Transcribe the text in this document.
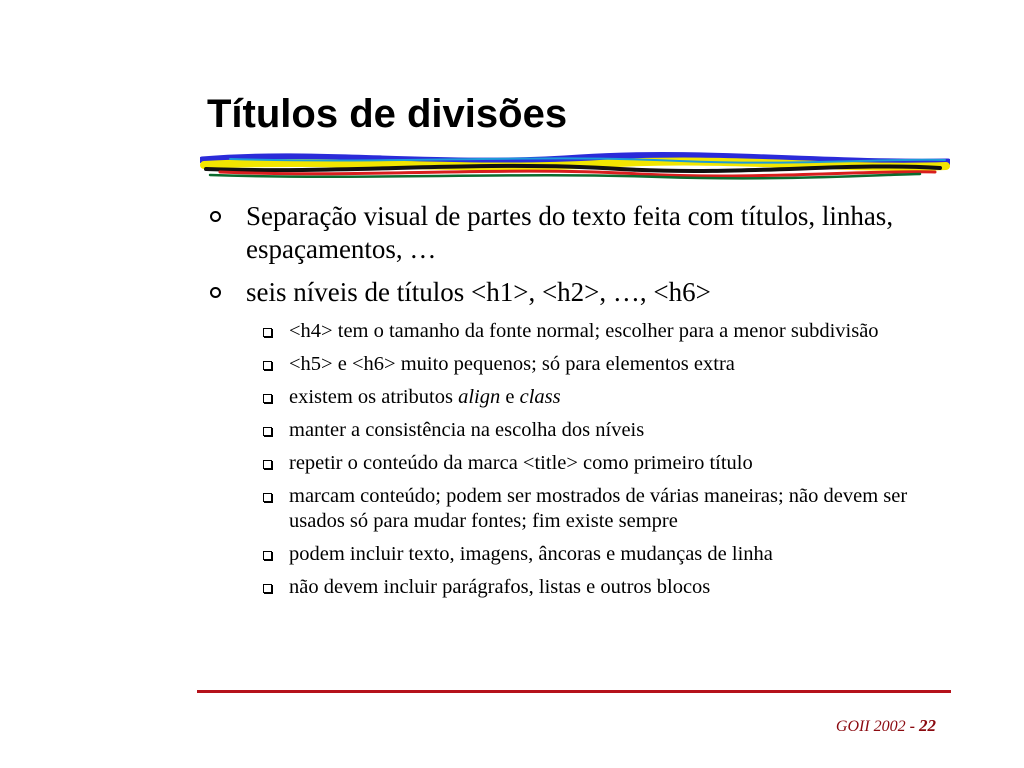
Títulos de divisões
Separação visual de partes do texto feita com títulos, linhas, espaçamentos, …
seis níveis de títulos <h1>, <h2>, …, <h6>
<h4> tem o tamanho da fonte normal; escolher para a menor subdivisão
<h5> e <h6> muito pequenos; só para elementos extra
existem os atributos align e class
manter a consistência na escolha dos níveis
repetir o conteúdo da marca <title> como primeiro título
marcam conteúdo; podem ser mostrados de várias maneiras; não devem ser usados só para mudar fontes; fim existe sempre
podem incluir texto, imagens, âncoras e mudanças de linha
não devem incluir parágrafos, listas e outros blocos
GOII 2002 - 22
